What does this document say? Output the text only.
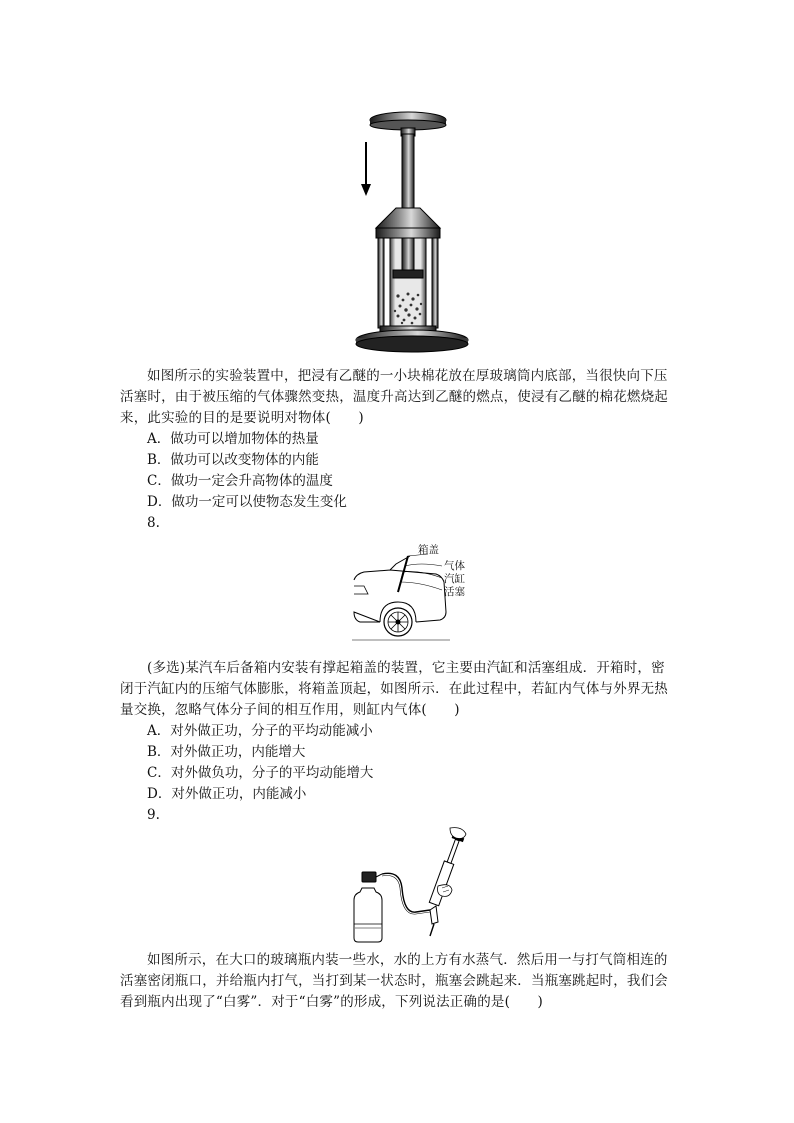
如图所示的实验装置中，把浸有乙醚的一小块棉花放在厚玻璃筒内底部，当很快向下压活塞时，由于被压缩的气体骤然变热，温度升高达到乙醚的燃点，使浸有乙醚的棉花燃烧起来，此实验的目的是要说明对物体(　　)

A．做功可以增加物体的热量
B．做功可以改变物体的内能
C．做功一定会升高物体的温度
D．做功一定可以使物态发生变化
8.
箱盖
气体
汽缸
活塞

(多选)某汽车后备箱内安装有撑起箱盖的装置，它主要由汽缸和活塞组成．开箱时，密闭于汽缸内的压缩气体膨胀，将箱盖顶起，如图所示．在此过程中，若缸内气体与外界无热量交换，忽略气体分子间的相互作用，则缸内气体(　　)

A．对外做正功，分子的平均动能减小
B．对外做正功，内能增大
C．对外做负功，分子的平均动能增大
D．对外做正功，内能减小
9.

如图所示，在大口的玻璃瓶内装一些水，水的上方有水蒸气．然后用一与打气筒相连的活塞密闭瓶口，并给瓶内打气，当打到某一状态时，瓶塞会跳起来．当瓶塞跳起时，我们会看到瓶内出现了“白雾”．对于“白雾”的形成，下列说法正确的是(　　)
